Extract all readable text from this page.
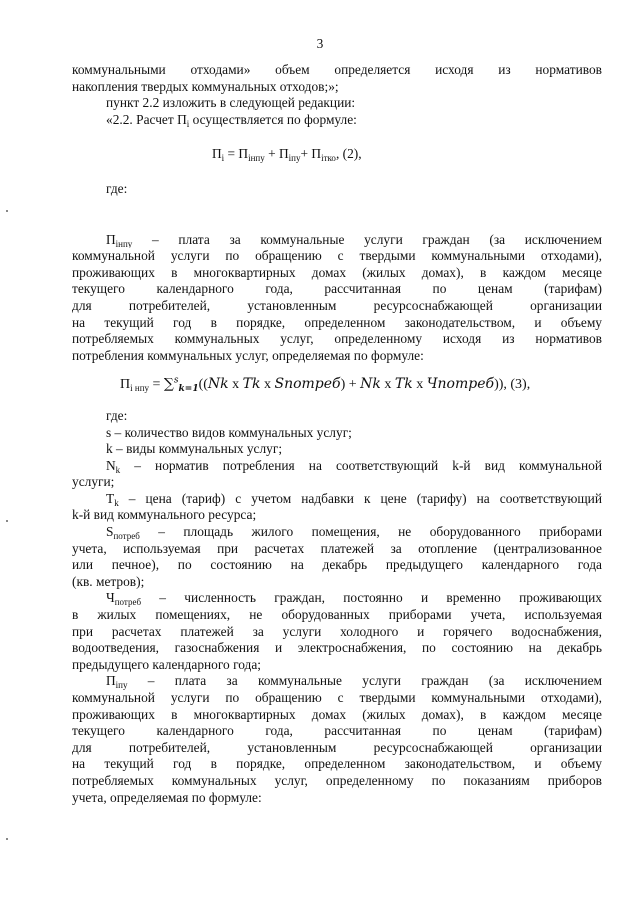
3
коммунальными отходами» объем определяется исходя из нормативов
накопления твердых коммунальных отходов;»;
пункт 2.2 изложить в следующей редакции:
«2.2. Расчет $П_i$ осуществляется по формуле:
$П_i = П_{iнпу} + П_{iпу}+ П_{iтко}$, (2),
где:
$П_{iнпу}$ – плата за коммунальные услуги граждан (за исключением
коммунальной услуги по обращению с твердыми коммунальными отходами),
проживающих в многоквартирных домах (жилых домах), в каждом месяце
текущего календарного года, рассчитанная по ценам (тарифам)
для потребителей, установленным ресурсоснабжающей организации
на текущий год в порядке, определенном законодательством, и объему
потребляемых коммунальных услуг, определенному исходя из нормативов
потребления коммунальных услуг, определяемая по формуле:
$П_{i нпу} = \sum^s_{k=1}((Nk$ x Tk x Sпотреб) + Nk x Tk x Чпотреб)), (3),
где:
s – количество видов коммунальных услуг;
k – виды коммунальных услуг;
$N_k$ – норматив потребления на соответствующий k-й вид коммунальной
услуги;
$T_k$ – цена (тариф) с учетом надбавки к цене (тарифу) на соответствующий
k-й вид коммунального ресурса;
$S_{потреб}$ – площадь жилого помещения, не оборудованного приборами
учета, используемая при расчетах платежей за отопление (централизованное
или печное), по состоянию на декабрь предыдущего календарного года
(кв. метров);
$Ч_{потреб}$ – численность граждан, постоянно и временно проживающих
в жилых помещениях, не оборудованных приборами учета, используемая
при расчетах платежей за услуги холодного и горячего водоснабжения,
водоотведения, газоснабжения и электроснабжения, по состоянию на декабрь
предыдущего календарного года;
$П_{iпу}$ – плата за коммунальные услуги граждан (за исключением
коммунальной услуги по обращению с твердыми коммунальными отходами),
проживающих в многоквартирных домах (жилых домах), в каждом месяце
текущего календарного года, рассчитанная по ценам (тарифам)
для потребителей, установленным ресурсоснабжающей организации
на текущий год в порядке, определенном законодательством, и объему
потребляемых коммунальных услуг, определенному по показаниям приборов
учета, определяемая по формуле:
